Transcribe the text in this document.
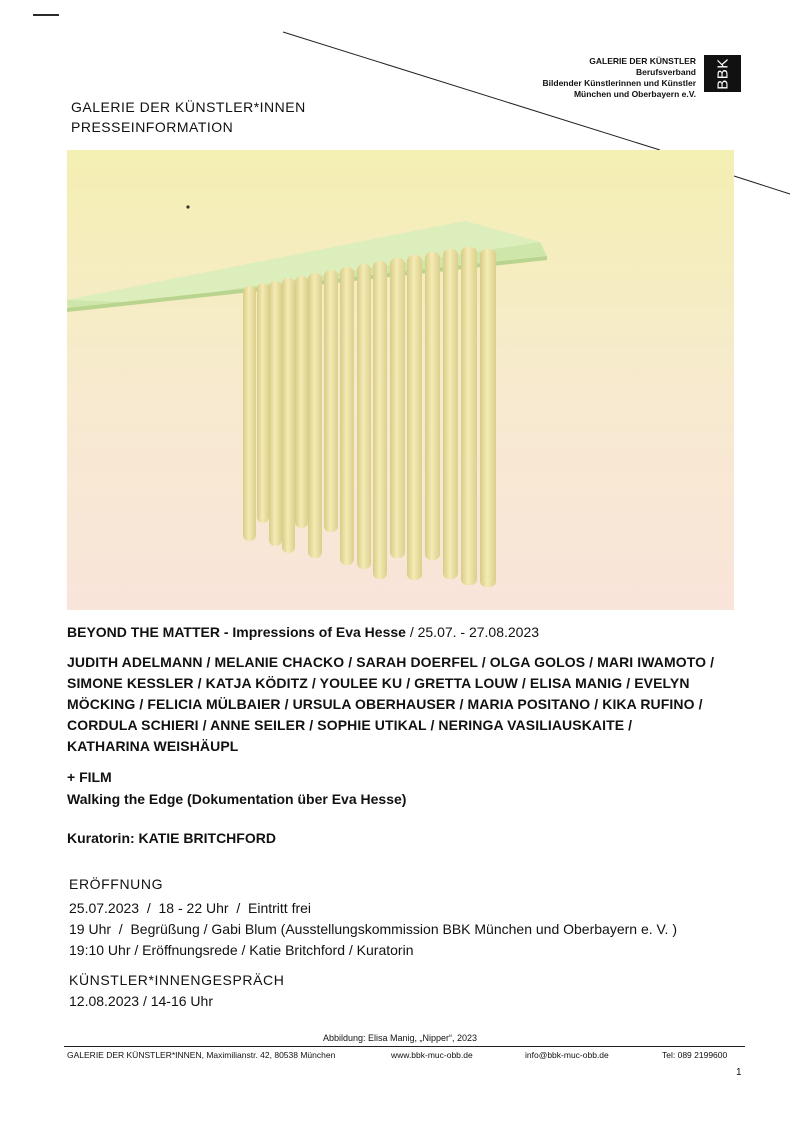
GALERIE DER KÜNSTLER
Berufsverband
Bildender Künstlerinnen und Künstler
München und Oberbayern e.V.
BBK
GALERIE DER KÜNSTLER*INNEN
PRESSEINFORMATION
BEYOND THE MATTER - Impressions of Eva Hesse / 25.07. - 27.08.2023
JUDITH ADELMANN / MELANIE CHACKO / SARAH DOERFEL / OLGA GOLOS / MARI IWAMOTO / SIMONE KESSLER / KATJA KÖDITZ / YOULEE KU / GRETTA LOUW / ELISA MANIG / EVELYN MÖCKING / FELICIA MÜLBAIER / URSULA OBERHAUSER / MARIA POSITANO / KIKA RUFINO / CORDULA SCHIERI / ANNE SEILER / SOPHIE UTIKAL / NERINGA VASILIAUSKAITE / KATHARINA WEISHÄUPL
+ FILM
Walking the Edge (Dokumentation über Eva Hesse)
Kuratorin: KATIE BRITCHFORD
ERÖFFNUNG
25.07.2023  /  18 - 22 Uhr  /  Eintritt frei
19 Uhr  /  Begrüßung / Gabi Blum (Ausstellungskommission BBK München und Oberbayern e. V. )
19:10 Uhr / Eröffnungsrede / Katie Britchford / Kuratorin
KÜNSTLER*INNENGESPRÄCH
12.08.2023 / 14-16 Uhr
Abbildung: Elisa Manig, „Nipper“, 2023
GALERIE DER KÜNSTLER*INNEN, Maximilianstr. 42, 80538 München	www.bbk-muc-obb.de	info@bbk-muc-obb.de	Tel: 089 2199600
1
